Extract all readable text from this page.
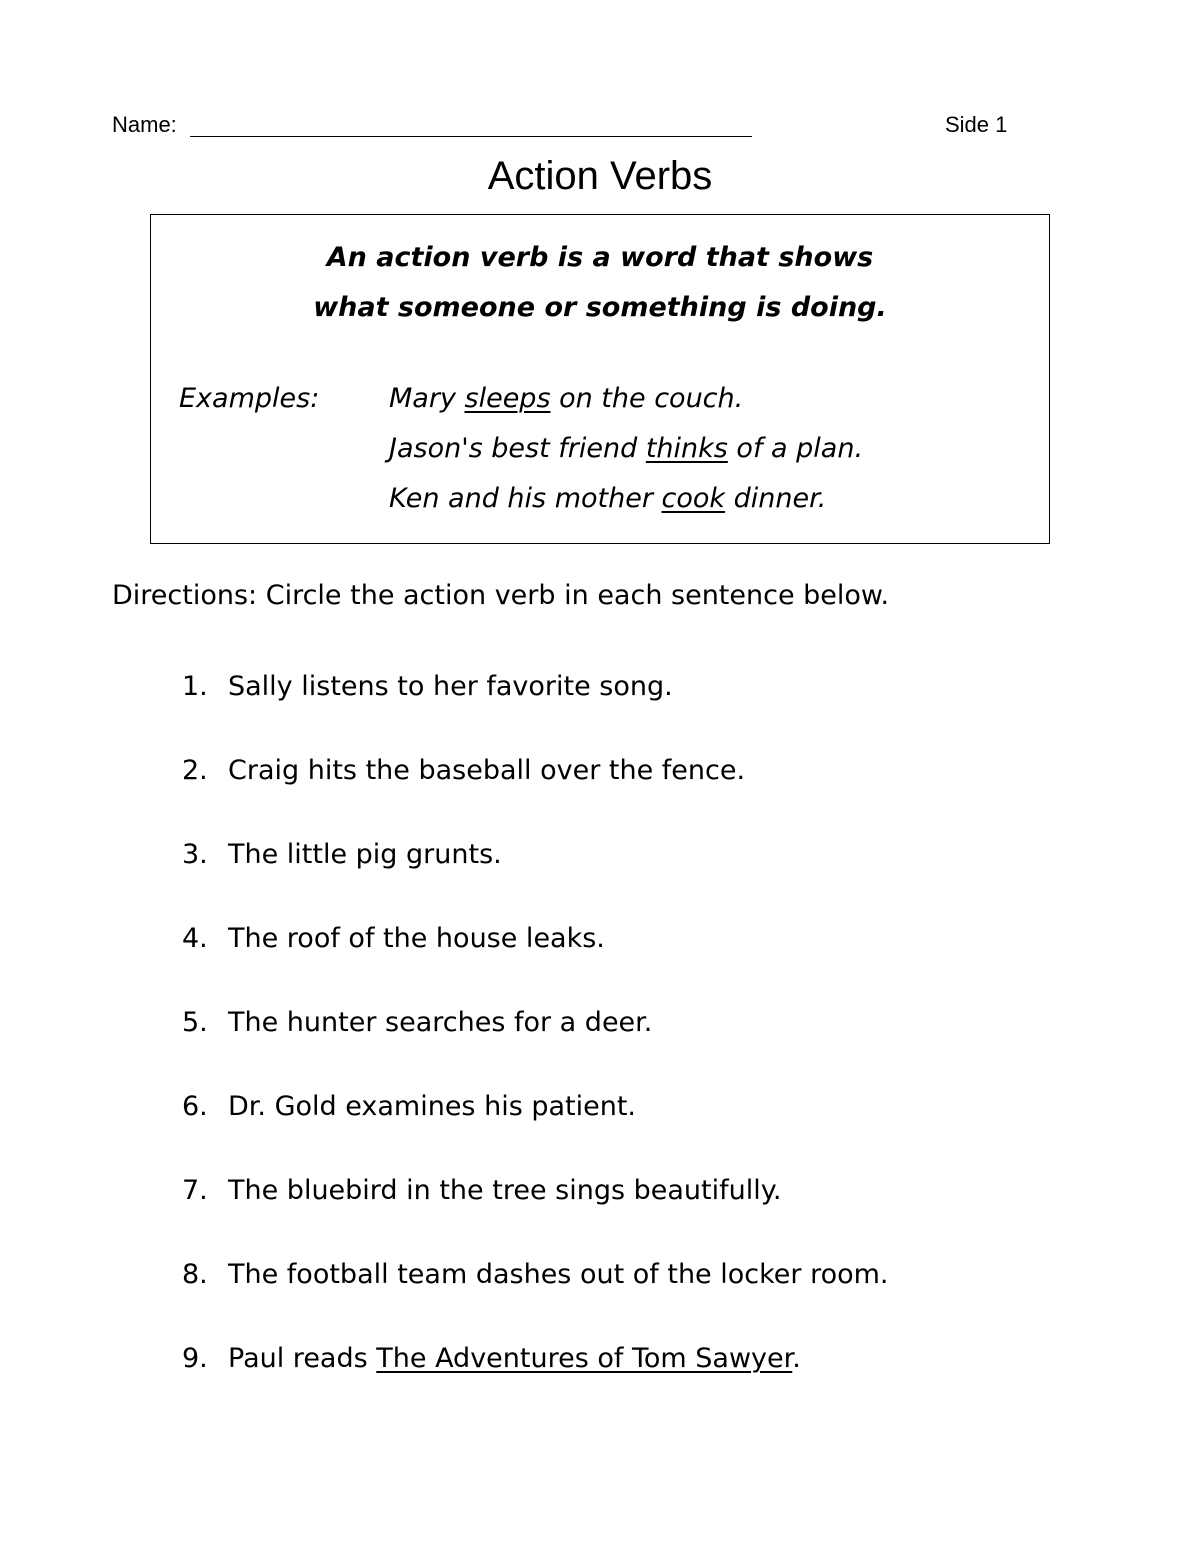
Name:	Side 1
Action Verbs
An action verb is a word that shows
what someone or something is doing.
Examples:	Mary sleeps on the couch.
Jason's best friend thinks of a plan.
Ken and his mother cook dinner.
Directions: Circle the action verb in each sentence below.
1. Sally listens to her favorite song.
2. Craig hits the baseball over the fence.
3. The little pig grunts.
4. The roof of the house leaks.
5. The hunter searches for a deer.
6. Dr. Gold examines his patient.
7. The bluebird in the tree sings beautifully.
8. The football team dashes out of the locker room.
9. Paul reads The Adventures of Tom Sawyer.
